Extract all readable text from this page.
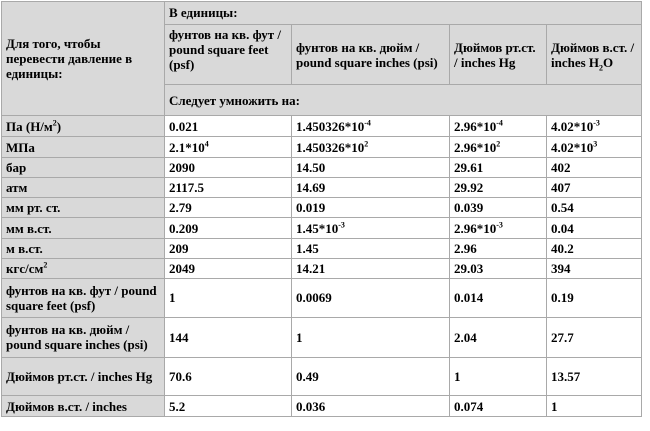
Для того, чтобы перевести давление в единицы:	В единицы:			
	фунтов на кв. фут / pound square feet (psf)	фунтов на кв. дюйм / pound square inches (psi)	Дюймов рт.ст. / inches Hg	Дюймов в.ст. / inches $H_2O$
	Следует умножить на:			
Па $(Н/м^2)$	0.021	$1.450326*10^{-4}$	$2.96*10^{-4}$	$4.02*10^{-3}$
МПа	$2.1*10^4$	$1.450326*10^2$	$2.96*10^2$	$4.02*10^3$
бар	2090	14.50	29.61	402
атм	2117.5	14.69	29.92	407
мм рт. ст.	2.79	0.019	0.039	0.54
мм в.ст.	0.209	$1.45*10^{-3}$	$2.96*10^{-3}$	0.04
м в.ст.	209	1.45	2.96	40.2
кгс/$см^2$	2049	14.21	29.03	394
фунтов на кв. фут / pound square feet (psf)	1	0.0069	0.014	0.19
фунтов на кв. дюйм / pound square inches (psi)	144	1	2.04	27.7
Дюймов рт.ст. / inches Hg	70.6	0.49	1	13.57
Дюймов в.ст. / inches	5.2	0.036	0.074	1
